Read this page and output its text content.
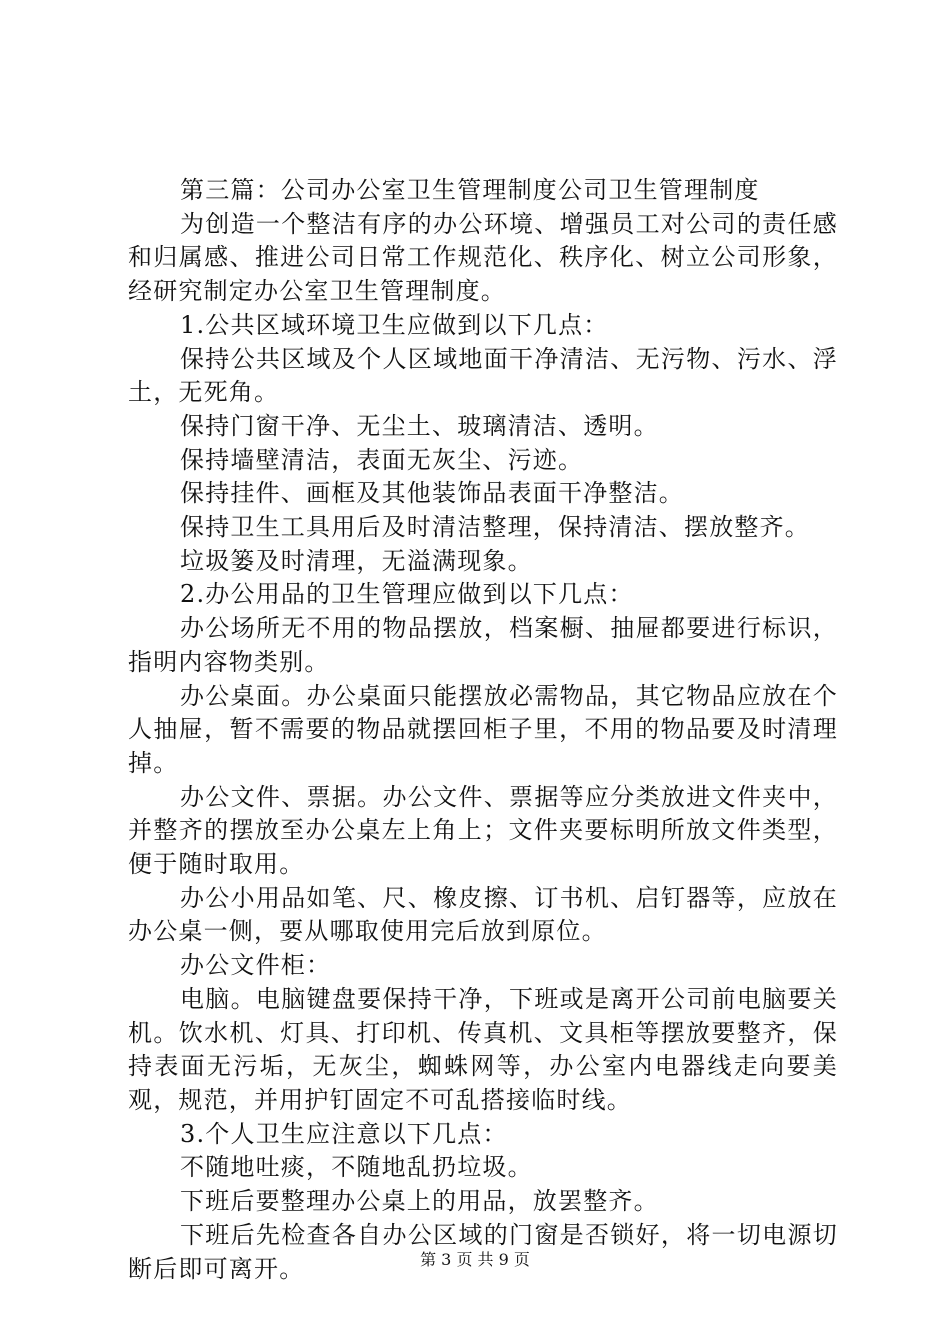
第三篇：公司办公室卫生管理制度公司卫生管理制度

为创造一个整洁有序的办公环境、增强员工对公司的责任感和归属感、推进公司日常工作规范化、秩序化、树立公司形象，经研究制定办公室卫生管理制度。

1.公共区域环境卫生应做到以下几点：

保持公共区域及个人区域地面干净清洁、无污物、污水、浮土，无死角。

保持门窗干净、无尘土、玻璃清洁、透明。

保持墙壁清洁，表面无灰尘、污迹。

保持挂件、画框及其他装饰品表面干净整洁。

保持卫生工具用后及时清洁整理，保持清洁、摆放整齐。

垃圾篓及时清理，无溢满现象。

2.办公用品的卫生管理应做到以下几点：

办公场所无不用的物品摆放，档案橱、抽屉都要进行标识，指明内容物类别。

办公桌面。办公桌面只能摆放必需物品，其它物品应放在个人抽屉，暂不需要的物品就摆回柜子里，不用的物品要及时清理掉。

办公文件、票据。办公文件、票据等应分类放进文件夹中，并整齐的摆放至办公桌左上角上；文件夹要标明所放文件类型，便于随时取用。

办公小用品如笔、尺、橡皮擦、订书机、启钉器等，应放在办公桌一侧，要从哪取使用完后放到原位。

办公文件柜：

电脑。电脑键盘要保持干净，下班或是离开公司前电脑要关机。饮水机、灯具、打印机、传真机、文具柜等摆放要整齐，保持表面无污垢，无灰尘，蜘蛛网等，办公室内电器线走向要美观，规范，并用护钉固定不可乱搭接临时线。

3.个人卫生应注意以下几点：

不随地吐痰，不随地乱扔垃圾。

下班后要整理办公桌上的用品，放罢整齐。

下班后先检查各自办公区域的门窗是否锁好，将一切电源切断后即可离开。	第 3 页 共 9 页
